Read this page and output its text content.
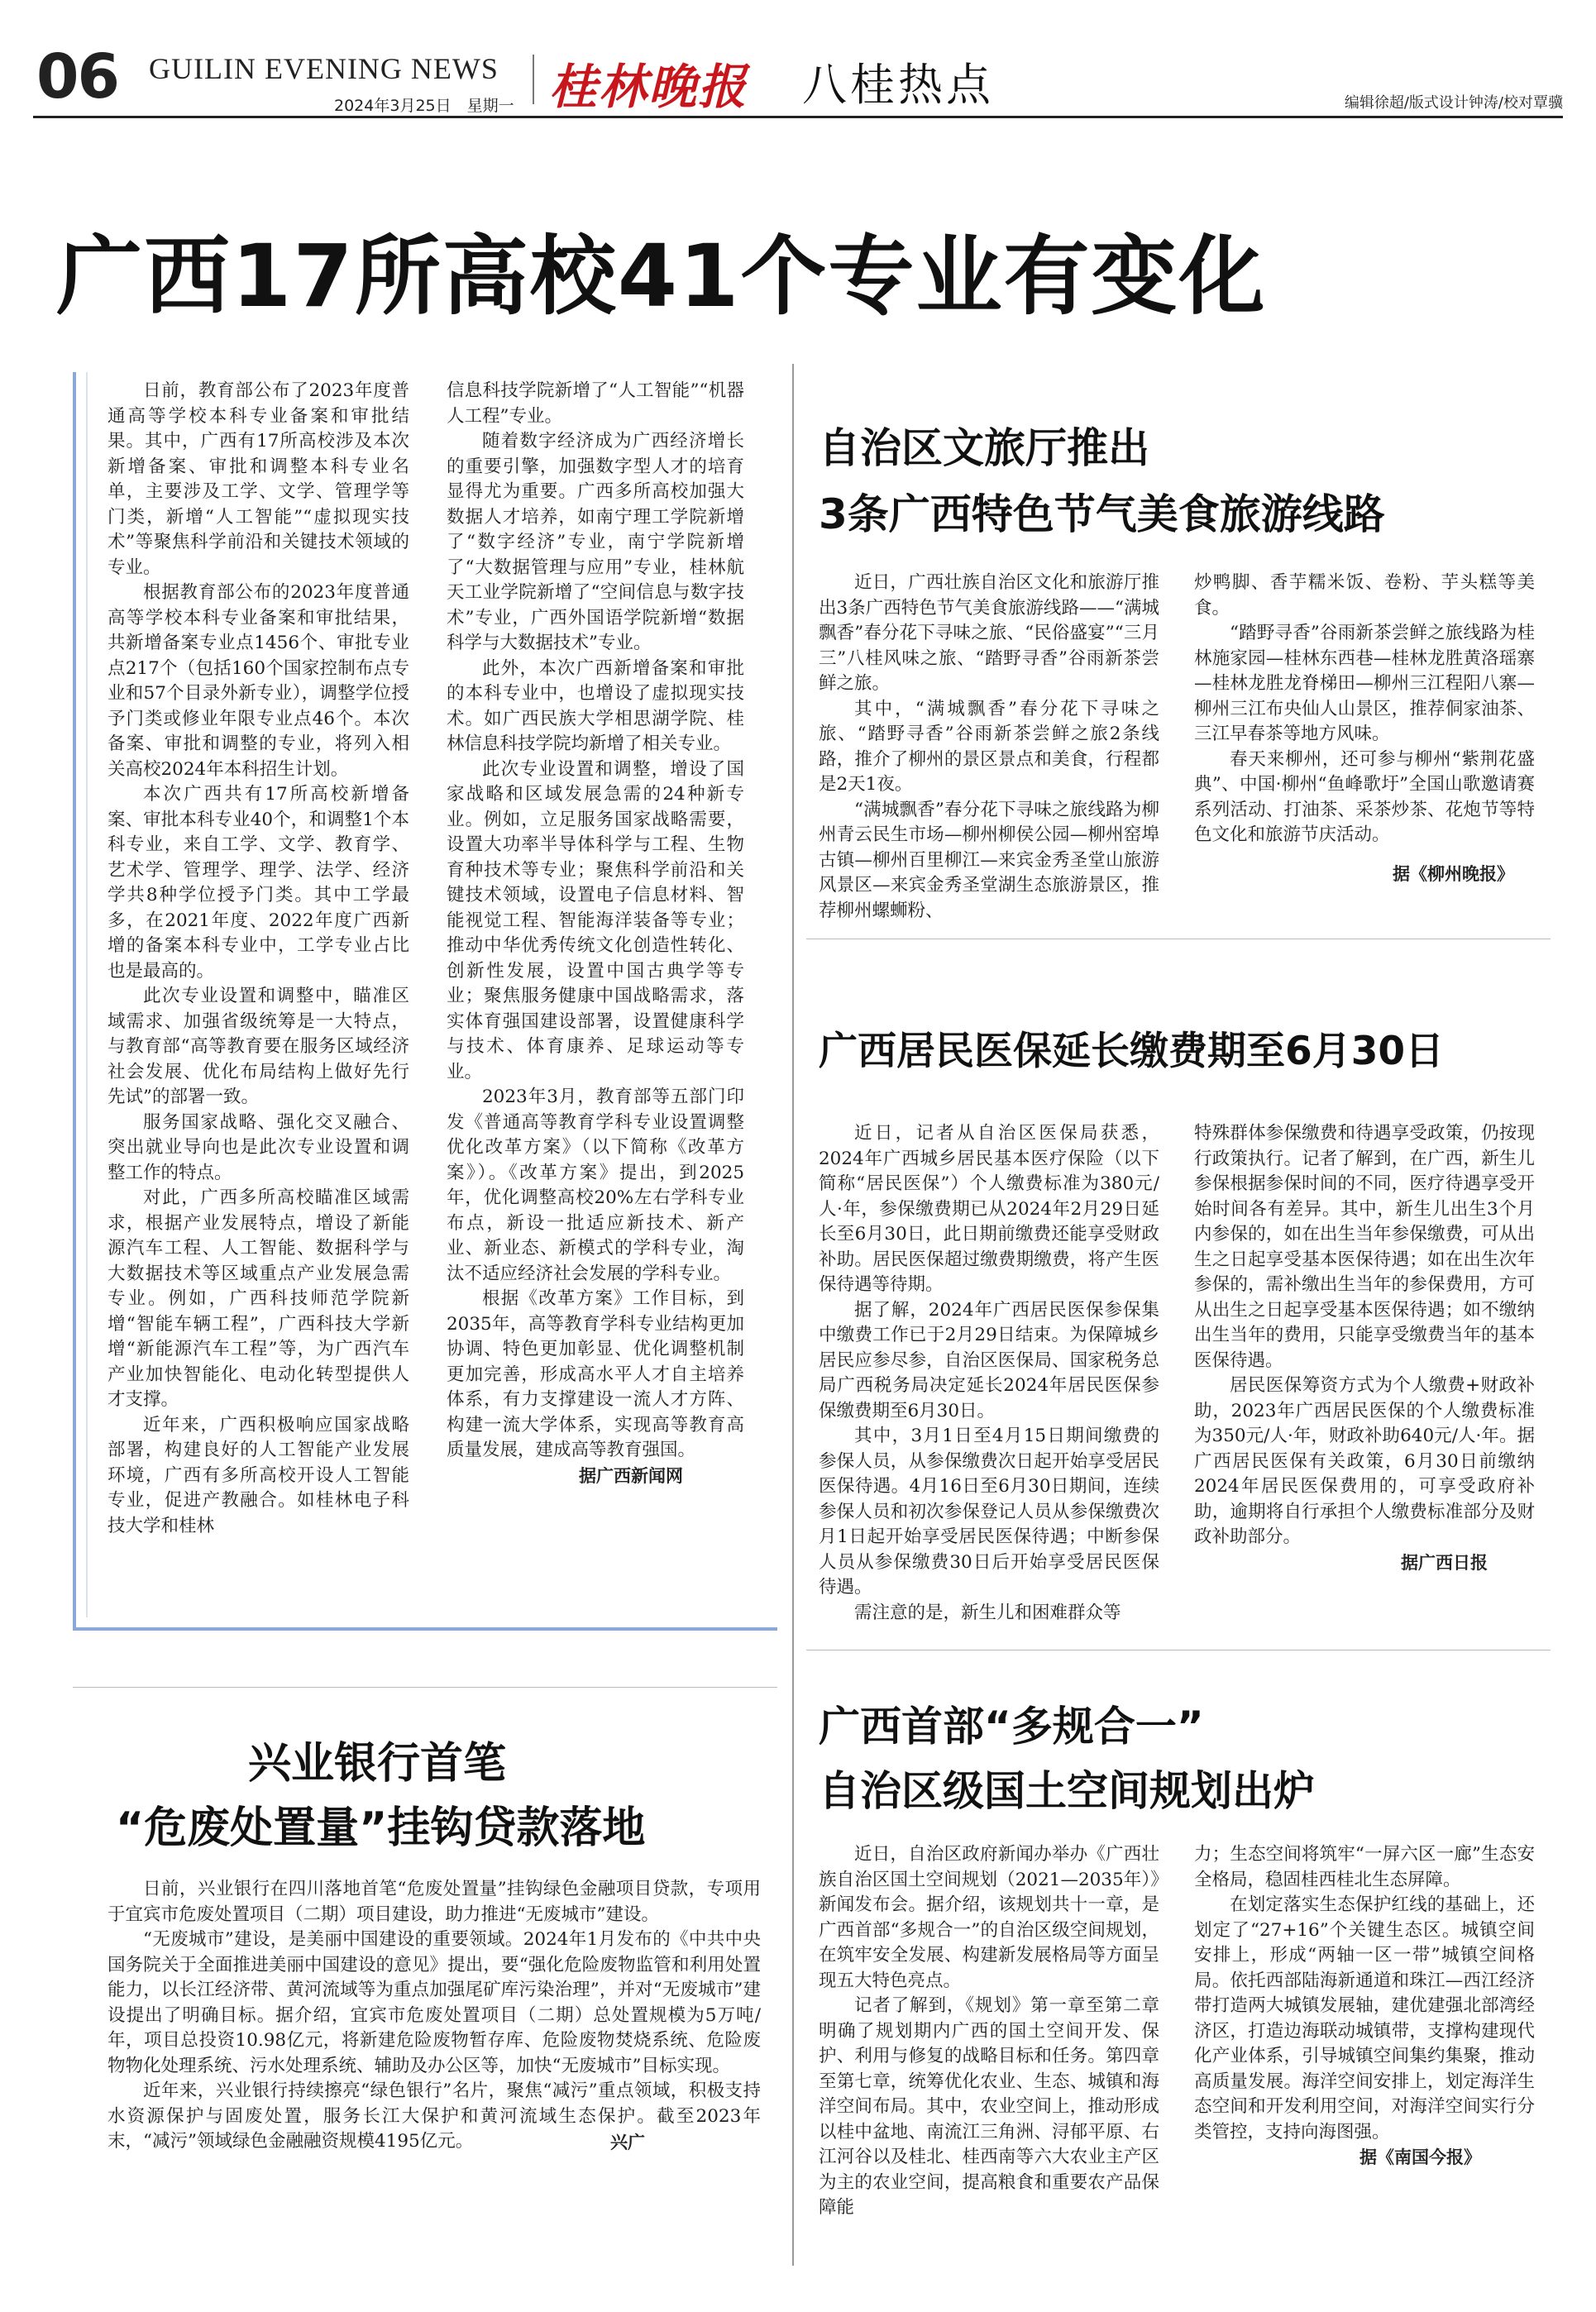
06 GUILIN EVENING NEWS
2024年3月25日　星期一 桂林晚报 八桂热点	编辑徐超/版式设计钟涛/校对覃骥
广西17所高校41个专业有变化

日前，教育部公布了2023年度普通高等学校本科专业备案和审批结果。其中，广西有17所高校涉及本次新增备案、审批和调整本科专业名单，主要涉及工学、文学、管理学等门类，新增“人工智能”“虚拟现实技术”等聚焦科学前沿和关键技术领域的专业。

根据教育部公布的2023年度普通高等学校本科专业备案和审批结果，共新增备案专业点1456个、审批专业点217个（包括160个国家控制布点专业和57个目录外新专业），调整学位授予门类或修业年限专业点46个。本次备案、审批和调整的专业，将列入相关高校2024年本科招生计划。

本次广西共有17所高校新增备案、审批本科专业40个，和调整1个本科专业，来自工学、文学、教育学、艺术学、管理学、理学、法学、经济学共8种学位授予门类。其中工学最多，在2021年度、2022年度广西新增的备案本科专业中，工学专业占比也是最高的。

此次专业设置和调整中，瞄准区域需求、加强省级统筹是一大特点，与教育部“高等教育要在服务区域经济社会发展、优化布局结构上做好先行先试”的部署一致。

服务国家战略、强化交叉融合、突出就业导向也是此次专业设置和调整工作的特点。

对此，广西多所高校瞄准区域需求，根据产业发展特点，增设了新能源汽车工程、人工智能、数据科学与大数据技术等区域重点产业发展急需专业。例如，广西科技师范学院新增“智能车辆工程”，广西科技大学新增“新能源汽车工程”等，为广西汽车产业加快智能化、电动化转型提供人才支撑。

近年来，广西积极响应国家战略部署，构建良好的人工智能产业发展环境，广西有多所高校开设人工智能专业，促进产教融合。如桂林电子科技大学和桂林

信息科技学院新增了“人工智能”“机器人工程”专业。

随着数字经济成为广西经济增长的重要引擎，加强数字型人才的培育显得尤为重要。广西多所高校加强大数据人才培养，如南宁理工学院新增了“数字经济”专业，南宁学院新增了“大数据管理与应用”专业，桂林航天工业学院新增了“空间信息与数字技术”专业，广西外国语学院新增“数据科学与大数据技术”专业。

此外，本次广西新增备案和审批的本科专业中，也增设了虚拟现实技术。如广西民族大学相思湖学院、桂林信息科技学院均新增了相关专业。

此次专业设置和调整，增设了国家战略和区域发展急需的24种新专业。例如，立足服务国家战略需要，设置大功率半导体科学与工程、生物育种技术等专业；聚焦科学前沿和关键技术领域，设置电子信息材料、智能视觉工程、智能海洋装备等专业；推动中华优秀传统文化创造性转化、创新性发展，设置中国古典学等专业；聚焦服务健康中国战略需求，落实体育强国建设部署，设置健康科学与技术、体育康养、足球运动等专业。

2023年3月，教育部等五部门印发《普通高等教育学科专业设置调整优化改革方案》（以下简称《改革方案》）。《改革方案》提出，到2025年，优化调整高校20%左右学科专业布点，新设一批适应新技术、新产业、新业态、新模式的学科专业，淘汰不适应经济社会发展的学科专业。

根据《改革方案》工作目标，到2035年，高等教育学科专业结构更加协调、特色更加彰显、优化调整机制更加完善，形成高水平人才自主培养体系，有力支撑建设一流人才方阵、构建一流大学体系，实现高等教育高质量发展，建成高等教育强国。

据广西新闻网
自治区文旅厅推出
3条广西特色节气美食旅游线路

近日，广西壮族自治区文化和旅游厅推出3条广西特色节气美食旅游线路——“满城飘香”春分花下寻味之旅、“民俗盛宴”“三月三”八桂风味之旅、“踏野寻香”谷雨新茶尝鲜之旅。

其中，“满城飘香”春分花下寻味之旅、“踏野寻香”谷雨新茶尝鲜之旅2条线路，推介了柳州的景区景点和美食，行程都是2天1夜。

“满城飘香”春分花下寻味之旅线路为柳州青云民生市场—柳州柳侯公园—柳州窑埠古镇—柳州百里柳江—来宾金秀圣堂山旅游风景区—来宾金秀圣堂湖生态旅游景区，推荐柳州螺蛳粉、

炒鸭脚、香芋糯米饭、卷粉、芋头糕等美食。

“踏野寻香”谷雨新茶尝鲜之旅线路为桂林施家园—桂林东西巷—桂林龙胜黄洛瑶寨—桂林龙胜龙脊梯田—柳州三江程阳八寨—柳州三江布央仙人山景区，推荐侗家油茶、三江早春茶等地方风味。

春天来柳州，还可参与柳州“紫荆花盛典”、中国·柳州“鱼峰歌圩”全国山歌邀请赛系列活动、打油茶、采茶炒茶、花炮节等特色文化和旅游节庆活动。

据《柳州晚报》
广西居民医保延长缴费期至6月30日

近日，记者从自治区医保局获悉，2024年广西城乡居民基本医疗保险（以下简称“居民医保”）个人缴费标准为380元/人·年，参保缴费期已从2024年2月29日延长至6月30日，此日期前缴费还能享受财政补助。居民医保超过缴费期缴费，将产生医保待遇等待期。

据了解，2024年广西居民医保参保集中缴费工作已于2月29日结束。为保障城乡居民应参尽参，自治区医保局、国家税务总局广西税务局决定延长2024年居民医保参保缴费期至6月30日。

其中，3月1日至4月15日期间缴费的参保人员，从参保缴费次日起开始享受居民医保待遇。4月16日至6月30日期间，连续参保人员和初次参保登记人员从参保缴费次月1日起开始享受居民医保待遇；中断参保人员从参保缴费30日后开始享受居民医保待遇。

需注意的是，新生儿和困难群众等

特殊群体参保缴费和待遇享受政策，仍按现行政策执行。记者了解到，在广西，新生儿参保根据参保时间的不同，医疗待遇享受开始时间各有差异。其中，新生儿出生3个月内参保的，如在出生当年参保缴费，可从出生之日起享受基本医保待遇；如在出生次年参保的，需补缴出生当年的参保费用，方可从出生之日起享受基本医保待遇；如不缴纳出生当年的费用，只能享受缴费当年的基本医保待遇。

居民医保筹资方式为个人缴费+财政补助，2023年广西居民医保的个人缴费标准为350元/人·年，财政补助640元/人·年。据广西居民医保有关政策，6月30日前缴纳2024年居民医保费用的，可享受政府补助，逾期将自行承担个人缴费标准部分及财政补助部分。

据广西日报
广西首部“多规合一”
自治区级国土空间规划出炉

近日，自治区政府新闻办举办《广西壮族自治区国土空间规划（2021—2035年）》新闻发布会。据介绍，该规划共十一章，是广西首部“多规合一”的自治区级空间规划，在筑牢安全发展、构建新发展格局等方面呈现五大特色亮点。

记者了解到，《规划》第一章至第二章明确了规划期内广西的国土空间开发、保护、利用与修复的战略目标和任务。第四章至第七章，统筹优化农业、生态、城镇和海洋空间布局。其中，农业空间上，推动形成以桂中盆地、南流江三角洲、浔郁平原、右江河谷以及桂北、桂西南等六大农业主产区为主的农业空间，提高粮食和重要农产品保障能

力；生态空间将筑牢“一屏六区一廊”生态安全格局，稳固桂西桂北生态屏障。

在划定落实生态保护红线的基础上，还划定了“27+16”个关键生态区。城镇空间安排上，形成“两轴一区一带”城镇空间格局。依托西部陆海新通道和珠江—西江经济带打造两大城镇发展轴，建优建强北部湾经济区，打造边海联动城镇带，支撑构建现代化产业体系，引导城镇空间集约集聚，推动高质量发展。海洋空间安排上，划定海洋生态空间和开发利用空间，对海洋空间实行分类管控，支持向海图强。

据《南国今报》
兴业银行首笔
“危废处置量”挂钩贷款落地

日前，兴业银行在四川落地首笔“危废处置量”挂钩绿色金融项目贷款，专项用于宜宾市危废处置项目（二期）项目建设，助力推进“无废城市”建设。

“无废城市”建设，是美丽中国建设的重要领域。2024年1月发布的《中共中央国务院关于全面推进美丽中国建设的意见》提出，要“强化危险废物监管和利用处置能力，以长江经济带、黄河流域等为重点加强尾矿库污染治理”，并对“无废城市”建设提出了明确目标。据介绍，宜宾市危废处置项目（二期）总处置规模为5万吨/年，项目总投资10.98亿元，将新建危险废物暂存库、危险废物焚烧系统、危险废物物化处理系统、污水处理系统、辅助及办公区等，加快“无废城市”目标实现。

近年来，兴业银行持续擦亮“绿色银行”名片，聚焦“减污”重点领域，积极支持水资源保护与固废处置，服务长江大保护和黄河流域生态保护。截至2023年末，“减污”领域绿色金融融资规模4195亿元。	兴广
